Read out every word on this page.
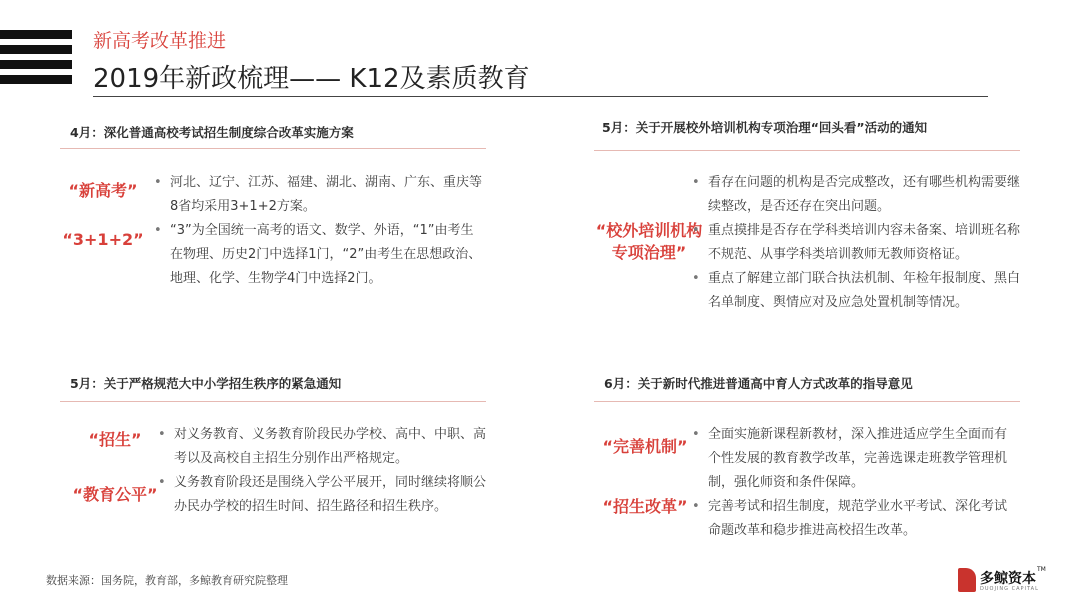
新高考改革推进
2019年新政梳理—— K12及素质教育
4月：深化普通高校考试招生制度综合改革实施方案
“新高考”
“3+1+2”
• 河北、辽宁、江苏、福建、湖北、湖南、广东、重庆等8省均采用3+1+2方案。
• “3”为全国统一高考的语文、数学、外语，“1”由考生在物理、历史2门中选择1门，“2”由考生在思想政治、地理、化学、生物学4门中选择2门。
5月：关于开展校外培训机构专项治理“回头看”活动的通知
“校外培训机构专项治理”
• 看存在问题的机构是否完成整改，还有哪些机构需要继续整改，是否还存在突出问题。
• 重点摸排是否存在学科类培训内容未备案、培训班名称不规范、从事学科类培训教师无教师资格证。
• 重点了解建立部门联合执法机制、年检年报制度、黑白名单制度、舆情应对及应急处置机制等情况。
5月：关于严格规范大中小学招生秩序的紧急通知
“招生”
“教育公平”
• 对义务教育、义务教育阶段民办学校、高中、中职、高考以及高校自主招生分别作出严格规定。
• 义务教育阶段还是围绕入学公平展开，同时继续将顺公办民办学校的招生时间、招生路径和招生秩序。
6月：关于新时代推进普通高中育人方式改革的指导意见
“完善机制”
“招生改革”
• 全面实施新课程新教材，深入推进适应学生全面而有个性发展的教育教学改革，完善选课走班教学管理机制，强化师资和条件保障。
• 完善考试和招生制度，规范学业水平考试、深化考试命题改革和稳步推进高校招生改革。
数据来源：国务院，教育部，多鲸教育研究院整理	多鲸资本
DUOJING CAPITAL
TM
